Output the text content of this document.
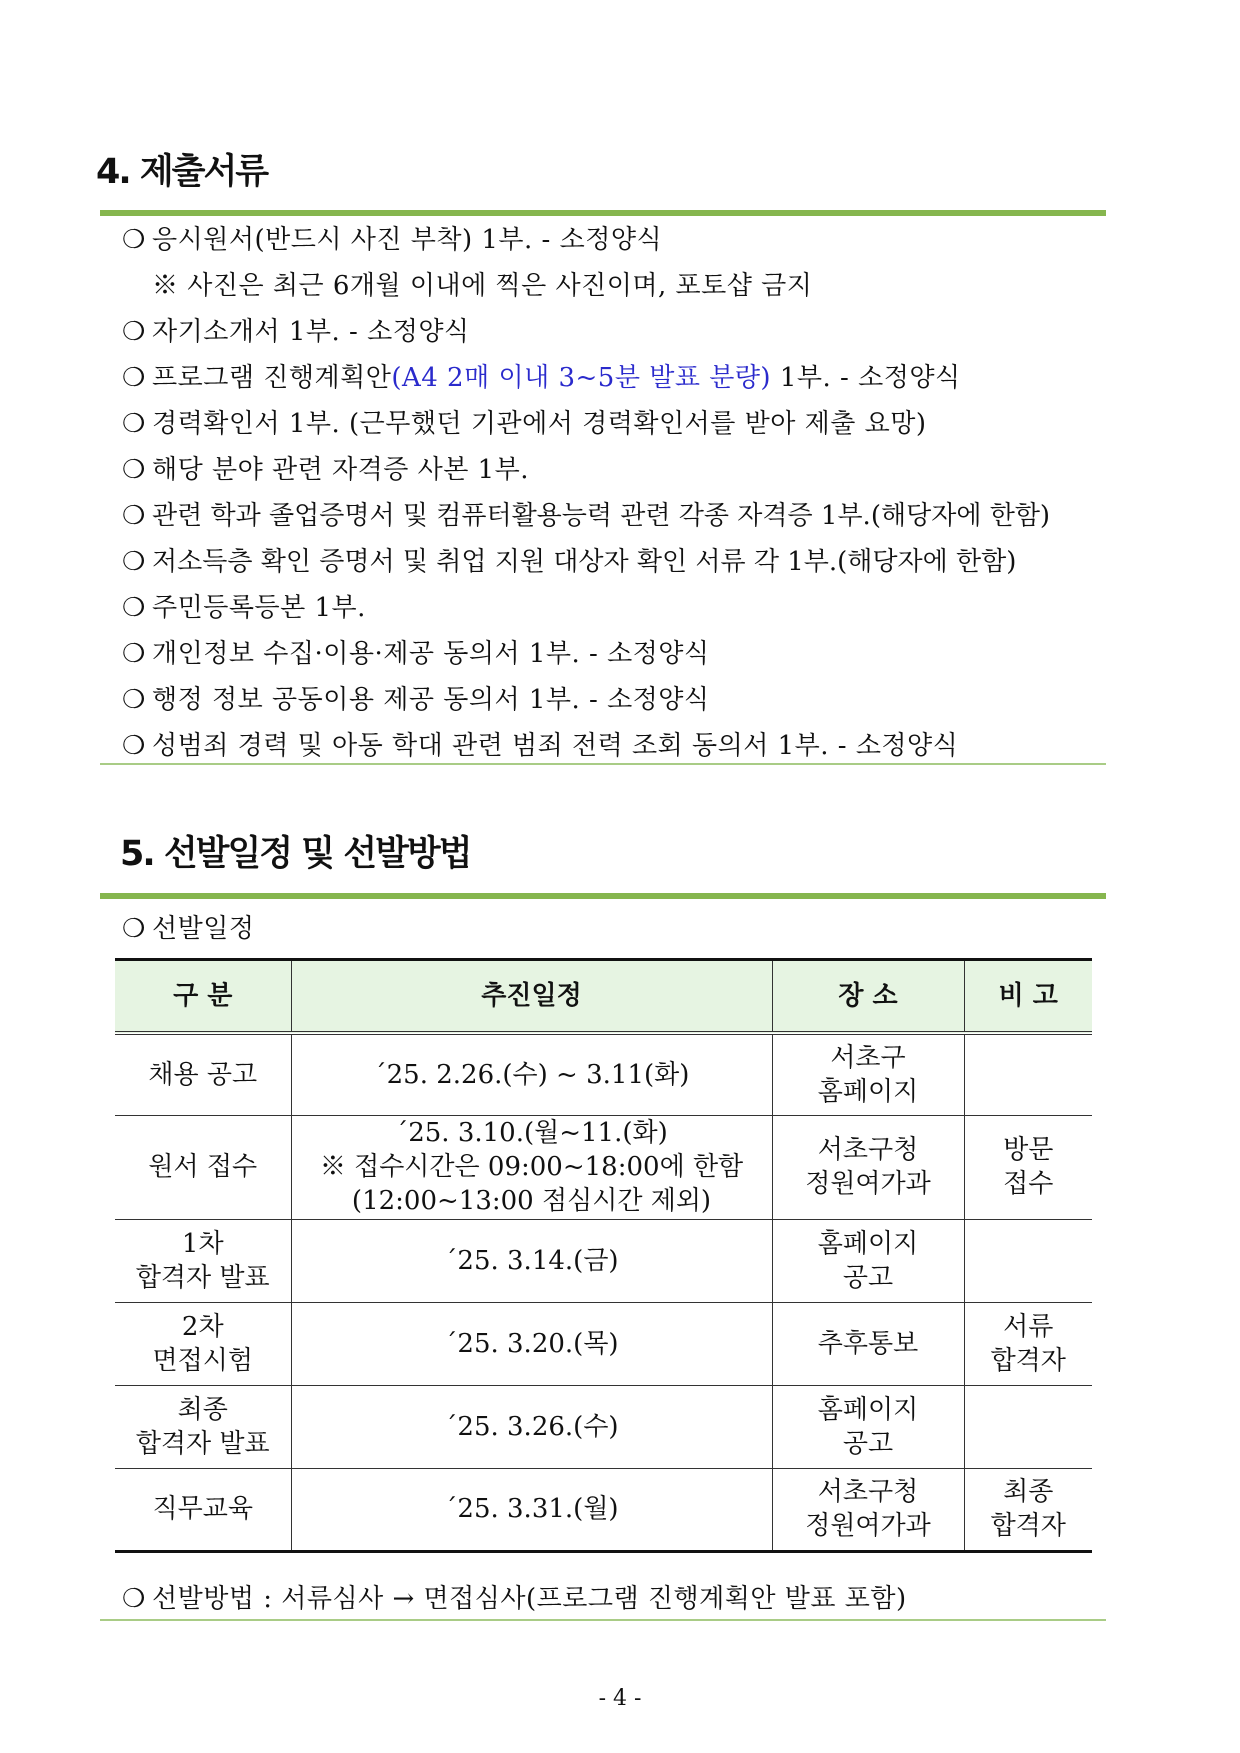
4. 제출서류
❍ 응시원서(반드시 사진 부착) 1부. - 소정양식
※ 사진은 최근 6개월 이내에 찍은 사진이며, 포토샵 금지
❍ 자기소개서 1부. - 소정양식
❍ 프로그램 진행계획안(A4 2매 이내 3~5분 발표 분량) 1부. - 소정양식
❍ 경력확인서 1부. (근무했던 기관에서 경력확인서를 받아 제출 요망)
❍ 해당 분야 관련 자격증 사본 1부.
❍ 관련 학과 졸업증명서 및 컴퓨터활용능력 관련 각종 자격증 1부.(해당자에 한함)
❍ 저소득층 확인 증명서 및 취업 지원 대상자 확인 서류 각 1부.(해당자에 한함)
❍ 주민등록등본 1부.
❍ 개인정보 수집·이용·제공 동의서 1부. - 소정양식
❍ 행정 정보 공동이용 제공 동의서 1부. - 소정양식
❍ 성범죄 경력 및 아동 학대 관련 범죄 전력 조회 동의서 1부. - 소정양식
5. 선발일정 및 선발방법
❍ 선발일정
구 분	추진일정	장 소	비 고
채용 공고	´25. 2.26.(수) ~ 3.11(화)	서초구
홈페이지	
원서 접수	´25. 3.10.(월~11.(화)
※ 접수시간은 09:00~18:00에 한함
(12:00~13:00 점심시간 제외)	서초구청
정원여가과	방문
접수
1차
합격자 발표	´25. 3.14.(금)	홈페이지
공고	
2차
면접시험	´25. 3.20.(목)	추후통보	서류
합격자
최종
합격자 발표	´25. 3.26.(수)	홈페이지
공고	
직무교육	´25. 3.31.(월)	서초구청
정원여가과	최종
합격자
❍ 선발방법 : 서류심사 → 면접심사(프로그램 진행계획안 발표 포함)
- 4 -
